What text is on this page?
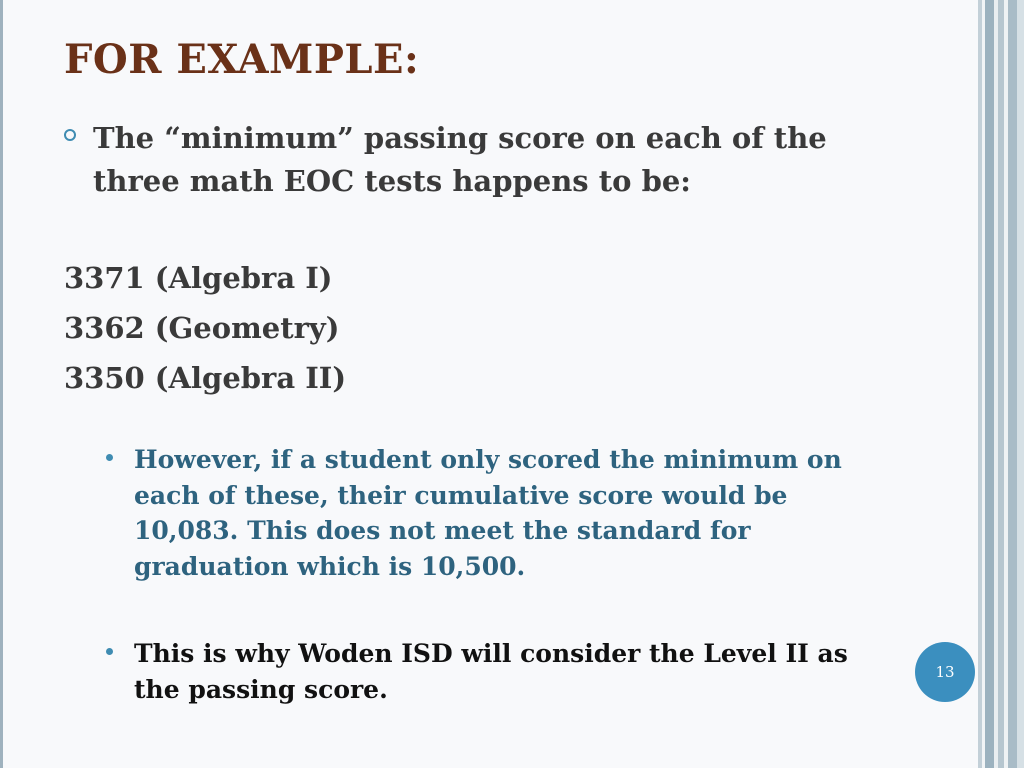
FOR EXAMPLE:
The “minimum” passing score on each of the three math EOC tests happens to be:
3371 (Algebra I)
3362 (Geometry)
3350 (Algebra II)
However, if a student only scored the minimum on each of these, their cumulative score would be 10,083. This does not meet the standard for graduation which is 10,500.
This is why Woden ISD will consider the Level II as the passing score.
13
